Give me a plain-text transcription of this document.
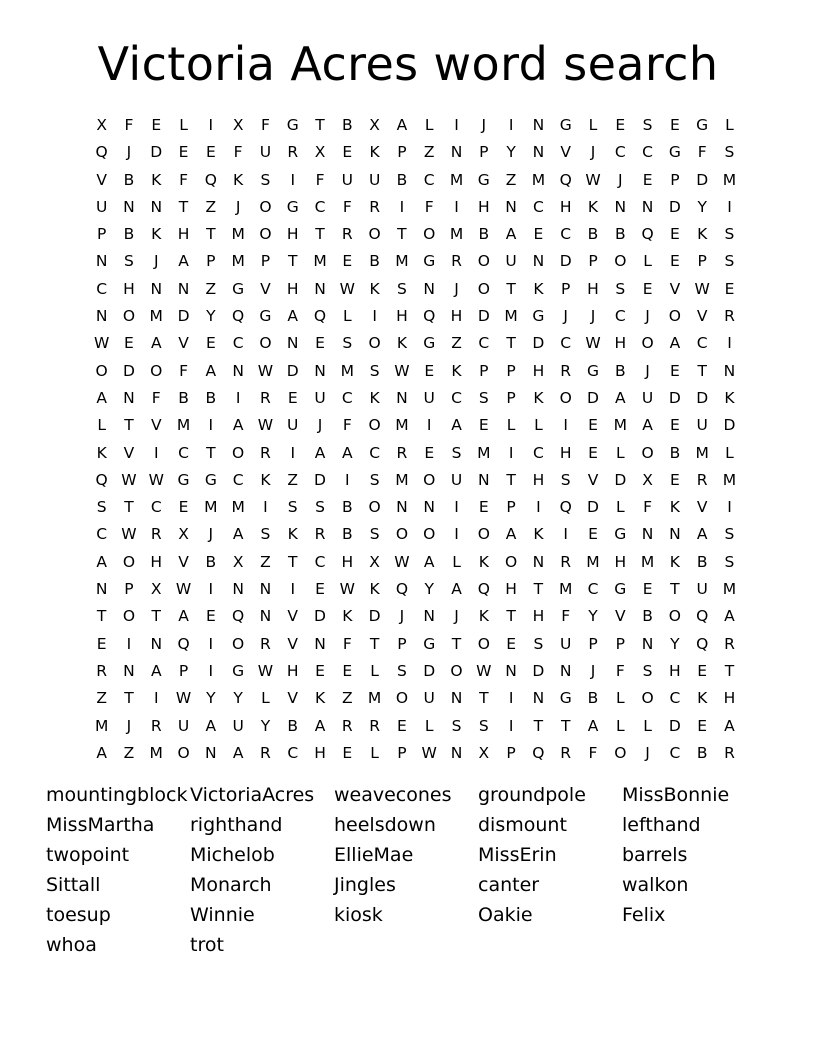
Victoria Acres word search
X F E L I X F G T B X A L I J I N G L E S E G L
Q J D E E F U R X E K P Z N P Y N V J C C G F S
V B K F Q K S I F U U B C M G Z M Q W J E P D M
U N N T Z J O G C F R I F I H N C H K N N D Y I
P B K H T M O H T R O T O M B A E C B B Q E K S
N S J A P M P T M E B M G R O U N D P O L E P S
C H N N Z G V H N W K S N J O T K P H S E V W E
N O M D Y Q G A Q L I H Q H D M G J J C J O V R
W E A V E C O N E S O K G Z C T D C W H O A C I
O D O F A N W D N M S W E K P P H R G B J E T N
A N F B B I R E U C K N U C S P K O D A U D D K
L T V M I A W U J F O M I A E L L I E M A E U D
K V I C T O R I A A C R E S M I C H E L O B M L
Q W W G G C K Z D I S M O U N T H S V D X E R M
S T C E M M I S S B O N N I E P I Q D L F K V I
C W R X J A S K R B S O O I O A K I E G N N A S
A O H V B X Z T C H X W A L K O N R M H M K B S
N P X W I N N I E W K Q Y A Q H T M C G E T U M
T O T A E Q N V D K D J N J K T H F Y V B O Q A
E I N Q I O R V N F T P G T O E S U P P N Y Q R
R N A P I G W H E E L S D O W N D N J F S H E T
Z T I W Y Y L V K Z M O U N T I N G B L O C K H
M J R U A U Y B A R R E L S S I T T A L L D E A
A Z M O N A R C H E L P W N X P Q R F O J C B R
mountingblock
MissMartha
twopoint
Sittall
toesup
whoa
VictoriaAcres
righthand
Michelob
Monarch
Winnie
trot
weavecones
heelsdown
EllieMae
Jingles
kiosk
groundpole
dismount
MissErin
canter
Oakie
MissBonnie
lefthand
barrels
walkon
Felix
